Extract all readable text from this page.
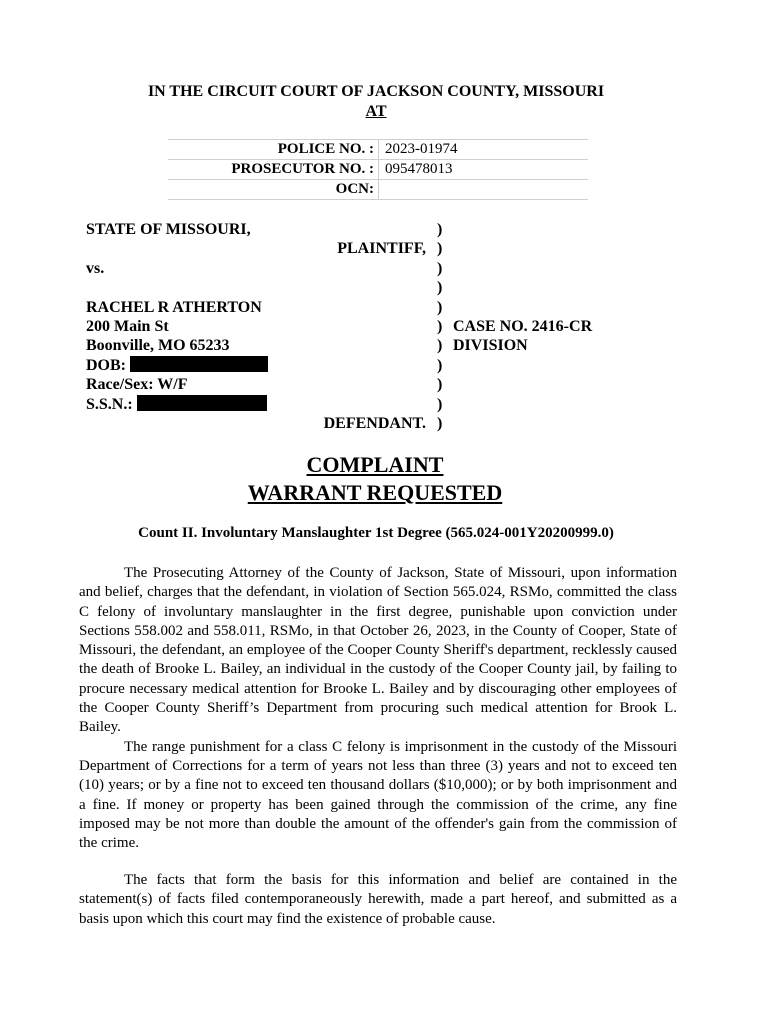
IN THE CIRCUIT COURT OF JACKSON COUNTY, MISSOURI
AT
POLICE NO. :	2023-01974
PROSECUTOR NO. :	095478013
OCN:	
STATE OF MISSOURI,	)
PLAINTIFF, )
vs.	)
)
RACHEL R ATHERTON	)
200 Main St	) CASE NO. 2416-CR
Boonville, MO 65233	) DIVISION
DOB:	)
Race/Sex: W/F	)
S.S.N.:	)
DEFENDANT. )
COMPLAINT
WARRANT REQUESTED
Count II. Involuntary Manslaughter 1st Degree (565.024-001Y20200999.0)

The Prosecuting Attorney of the County of Jackson, State of Missouri, upon information and belief, charges that the defendant, in violation of Section 565.024, RSMo, committed the class C felony of involuntary manslaughter in the first degree, punishable upon conviction under Sections 558.002 and 558.011, RSMo, in that October 26, 2023, in the County of Cooper, State of Missouri, the defendant, an employee of the Cooper County Sheriff's department, recklessly caused the death of Brooke L. Bailey, an individual in the custody of the Cooper County jail, by failing to procure necessary medical attention for Brooke L. Bailey and by discouraging other employees of the Cooper County Sheriff’s Department from procuring such medical attention for Brook L. Bailey.

The range punishment for a class C felony is imprisonment in the custody of the Missouri Department of Corrections for a term of years not less than three (3) years and not to exceed ten (10) years; or by a fine not to exceed ten thousand dollars ($10,000); or by both imprisonment and a fine. If money or property has been gained through the commission of the crime, any fine imposed may be not more than double the amount of the offender's gain from the commission of the crime.

The facts that form the basis for this information and belief are contained in the statement(s) of facts filed contemporaneously herewith, made a part hereof, and submitted as a basis upon which this court may find the existence of probable cause.
